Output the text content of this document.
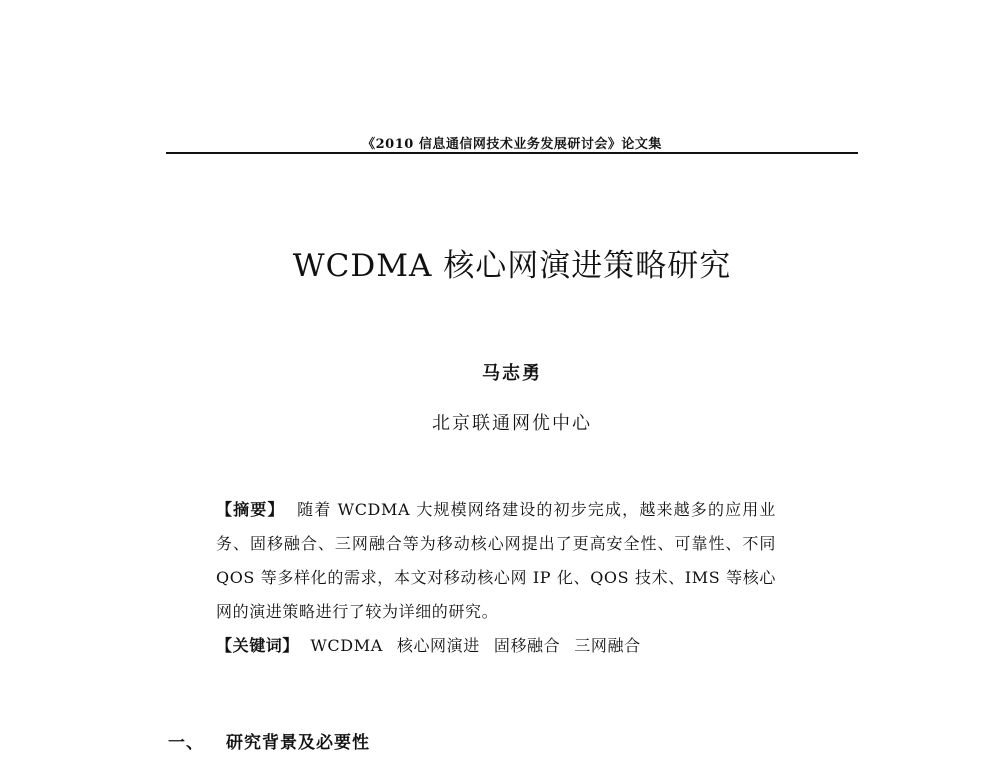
《2010 信息通信网技术业务发展研讨会》论文集
WCDMA 核心网演进策略研究
马志勇
北京联通网优中心

【摘要】 随着 WCDMA 大规模网络建设的初步完成，越来越多的应用业务、固移融合、三网融合等为移动核心网提出了更高安全性、可靠性、不同 QOS 等多样化的需求，本文对移动核心网 IP 化、QOS 技术、IMS 等核心网的演进策略进行了较为详细的研究。

【关键词】 WCDMA 核心网演进 固移融合 三网融合

一、 研究背景及必要性
